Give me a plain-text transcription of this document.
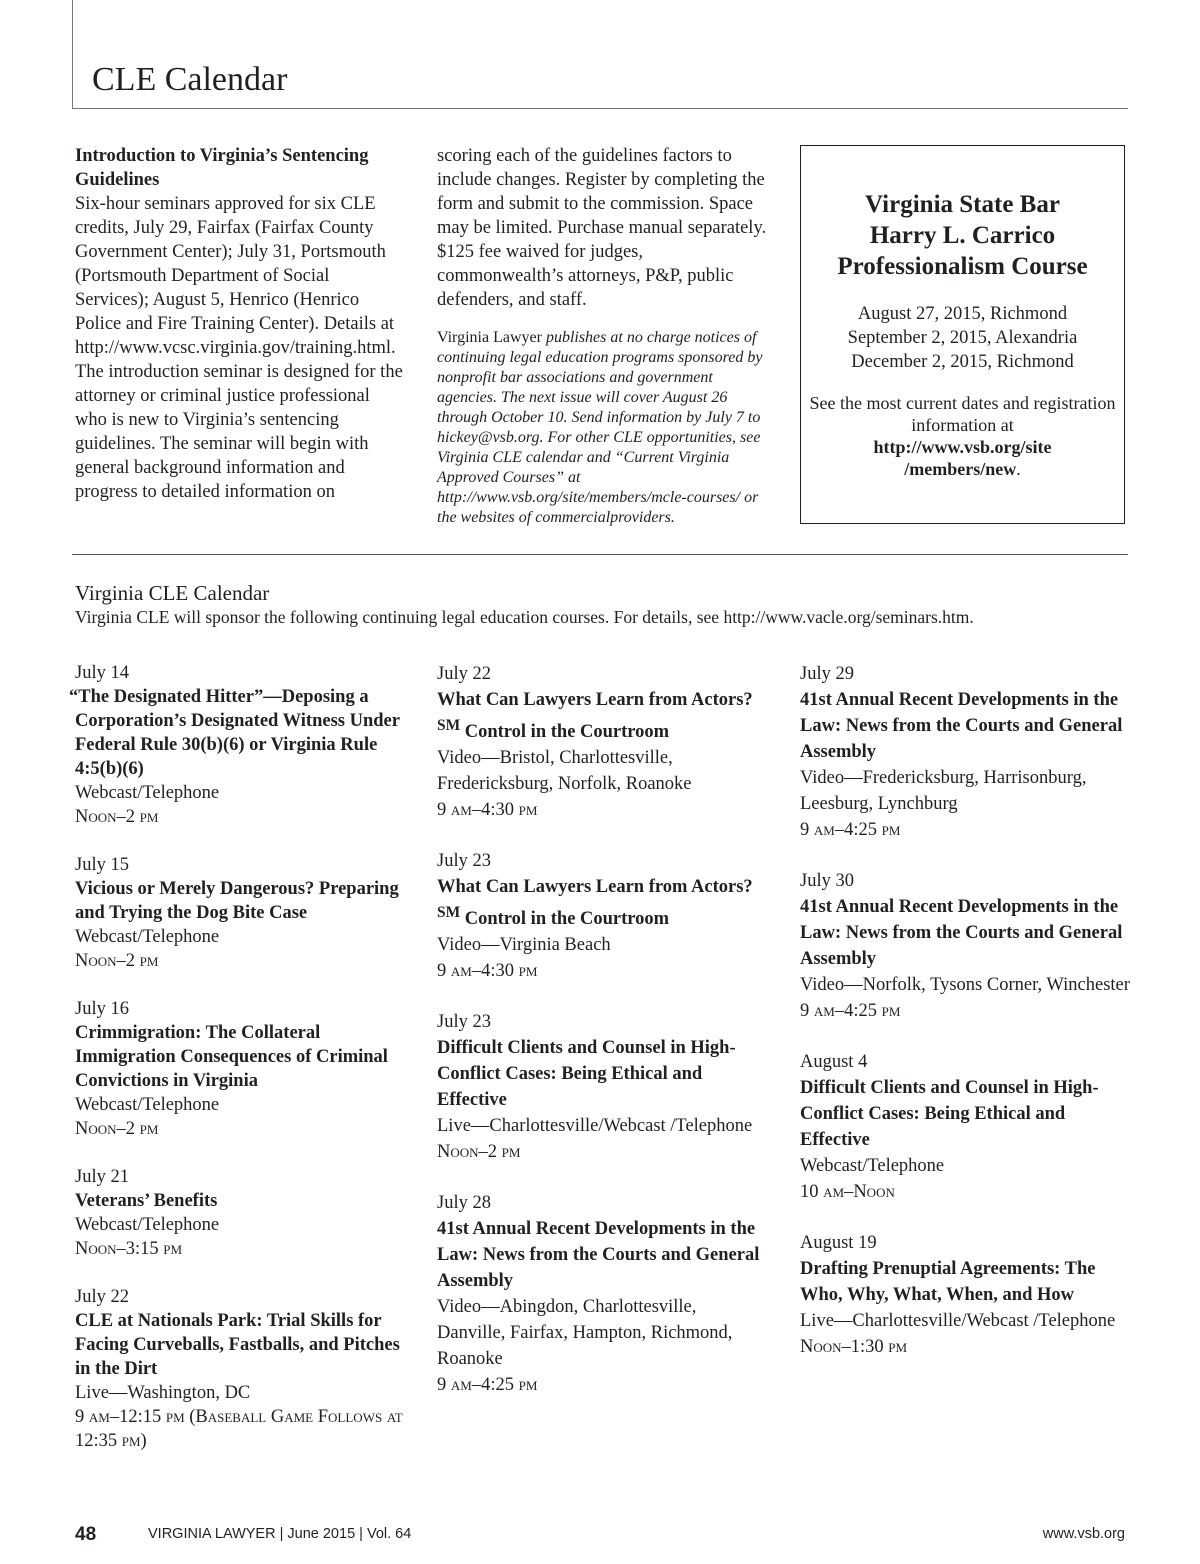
CLE Calendar
Introduction to Virginia’s Sentencing Guidelines
Six-hour seminars approved for six CLE credits, July 29, Fairfax (Fairfax County Government Center); July 31, Portsmouth (Portsmouth Department of Social Services); August 5, Henrico (Henrico Police and Fire Training Center). Details at http://www.vcsc.virginia.gov/training.html. The introduction seminar is designed for the attorney or criminal justice professional who is new to Virginia’s sentencing guidelines. The seminar will begin with general background information and progress to detailed information on
scoring each of the guidelines factors to include changes. Register by completing the form and submit to the commission. Space may be limited. Purchase manual separately. $125 fee waived for judges, commonwealth’s attorneys, P&P, public defenders, and staff.
Virginia Lawyer publishes at no charge notices of continuing legal education programs sponsored by nonprofit bar associations and government agencies. The next issue will cover August 26 through October 10. Send information by July 7 to hickey@vsb.org. For other CLE opportunities, see Virginia CLE calendar and “Current Virginia Approved Courses” at http://www.vsb.org/site/members/mcle-courses/ or the websites of commercialproviders.
Virginia State Bar
Harry L. Carrico
Professionalism Course
August 27, 2015, Richmond
September 2, 2015, Alexandria
December 2, 2015, Richmond
See the most current dates and registration information at
http://www.vsb.org/site
/members/new.
Virginia CLE Calendar
Virginia CLE will sponsor the following continuing legal education courses. For details, see http://www.vacle.org/seminars.htm.
July 14
“The Designated Hitter”—Deposing a Corporation’s Designated Witness Under Federal Rule 30(b)(6) or Virginia Rule 4:5(b)(6)
Webcast/Telephone
Noon–2 pm
July 15
Vicious or Merely Dangerous? Preparing and Trying the Dog Bite Case
Webcast/Telephone
Noon–2 pm
July 16
Crimmigration: The Collateral Immigration Consequences of Criminal Convictions in Virginia
Webcast/Telephone
Noon–2 pm
July 21
Veterans’ Benefits
Webcast/Telephone
Noon–3:15 pm
July 22
CLE at Nationals Park: Trial Skills for Facing Curveballs, Fastballs, and Pitches in the Dirt
Live—Washington, DC
9 am–12:15 pm (Baseball Game Follows at 12:35 pm)
July 22
What Can Lawyers Learn from Actors?℠ Control in the Courtroom
Video—Bristol, Charlottesville, Fredericksburg, Norfolk, Roanoke
9 am–4:30 pm
July 23
What Can Lawyers Learn from Actors?℠ Control in the Courtroom
Video—Virginia Beach
9 am–4:30 pm
July 23
Difficult Clients and Counsel in High-Conflict Cases: Being Ethical and Effective
Live—Charlottesville/Webcast /Telephone
Noon–2 pm
July 28
41st Annual Recent Developments in the Law: News from the Courts and General Assembly
Video—Abingdon, Charlottesville, Danville, Fairfax, Hampton, Richmond, Roanoke
9 am–4:25 pm
July 29
41st Annual Recent Developments in the Law: News from the Courts and General Assembly
Video—Fredericksburg, Harrisonburg, Leesburg, Lynchburg
9 am–4:25 pm
July 30
41st Annual Recent Developments in the Law: News from the Courts and General Assembly
Video—Norfolk, Tysons Corner, Winchester
9 am–4:25 pm
August 4
Difficult Clients and Counsel in High-Conflict Cases: Being Ethical and Effective
Webcast/Telephone
10 am–Noon
August 19
Drafting Prenuptial Agreements: The Who, Why, What, When, and How
Live—Charlottesville/Webcast /Telephone
Noon–1:30 pm
48	VIRGINIA LAWYER | June 2015 | Vol. 64	www.vsb.org
